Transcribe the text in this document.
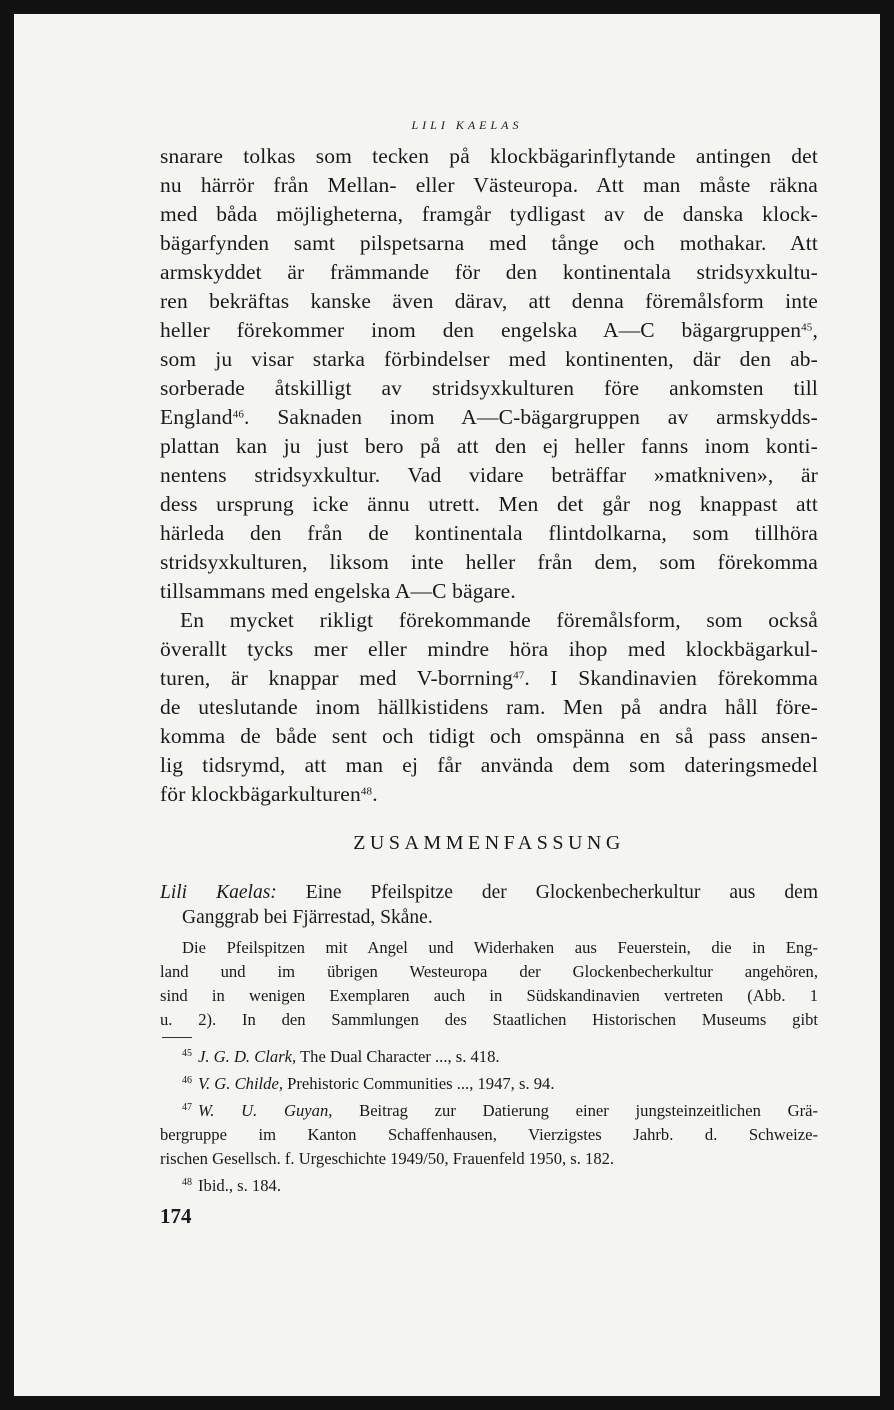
LILI KAELAS

snarare tolkas som tecken på klockbägarinflytande antingen det
nu härrör från Mellan- eller Västeuropa. Att man måste räkna
med båda möjligheterna, framgår tydligast av de danska klock-
bägarfynden samt pilspetsarna med tånge och mothakar. Att
armskyddet är främmande för den kontinentala stridsyxkultu-
ren bekräftas kanske även därav, att denna föremålsform inte
heller förekommer inom den engelska A—C bägargruppen$^{45}$,
som ju visar starka förbindelser med kontinenten, där den ab-
sorberade åtskilligt av stridsyxkulturen före ankomsten till
England$^{46}$. Saknaden inom A—C-bägargruppen av armskydds-
plattan kan ju just bero på att den ej heller fanns inom konti-
nentens stridsyxkultur. Vad vidare beträffar »matkniven», är
dess ursprung icke ännu utrett. Men det går nog knappast att
härleda den från de kontinentala flintdolkarna, som tillhöra
stridsyxkulturen, liksom inte heller från dem, som förekomma
tillsammans med engelska A—C bägare.

En mycket rikligt förekommande föremålsform, som också
överallt tycks mer eller mindre höra ihop med klockbägarkul-
turen, är knappar med V-borrning$^{47}$. I Skandinavien förekomma
de uteslutande inom hällkistidens ram. Men på andra håll före-
komma de både sent och tidigt och omspänna en så pass ansen-
lig tidsrymd, att man ej får använda dem som dateringsmedel
för klockbägarkulturen$^{48}$.

ZUSAMMENFASSUNG
Lili Kaelas: Eine Pfeilspitze der Glockenbecherkultur aus dem
Ganggrab bei Fjärrestad, Skåne.
Die Pfeilspitzen mit Angel und Widerhaken aus Feuerstein, die in Eng-
land und im übrigen Westeuropa der Glockenbecherkultur angehören,
sind in wenigen Exemplaren auch in Südskandinavien vertreten (Abb. 1
u. 2). In den Sammlungen des Staatlichen Historischen Museums gibt
$^{45}$ J. G. D. Clark, The Dual Character ..., s. 418.
$^{46}$ V. G. Childe, Prehistoric Communities ..., 1947, s. 94.
$^{47}$ W. U. Guyan, Beitrag zur Datierung einer jungsteinzeitlichen Grä-
bergruppe im Kanton Schaffenhausen, Vierzigstes Jahrb. d. Schweize-
rischen Gesellsch. f. Urgeschichte 1949/50, Frauenfeld 1950, s. 182.
$^{48}$ Ibid., s. 184.
174
